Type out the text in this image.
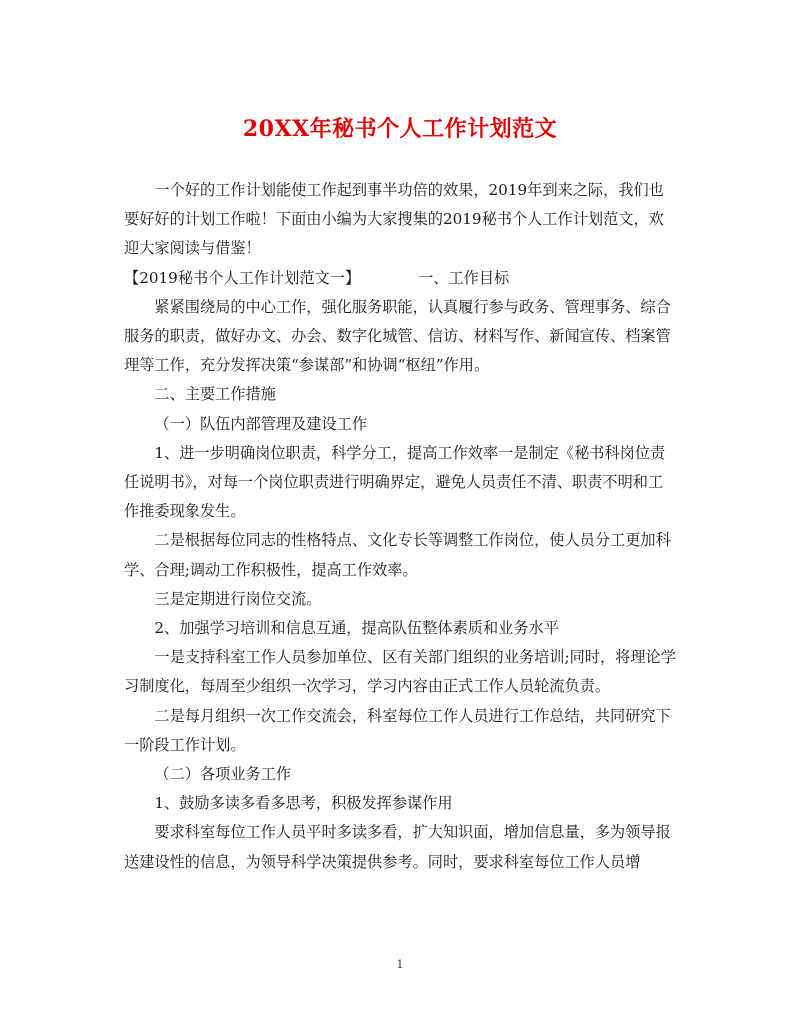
20XX年秘书个人工作计划范文

一个好的工作计划能使工作起到事半功倍的效果，2019年到来之际，我们也要好好的计划工作啦！下面由小编为大家搜集的2019秘书个人工作计划范文，欢迎大家阅读与借鉴！

【2019秘书个人工作计划范文一】	一、工作目标

紧紧围绕局的中心工作，强化服务职能，认真履行参与政务、管理事务、综合服务的职责，做好办文、办会、数字化城管、信访、材料写作、新闻宣传、档案管理等工作，充分发挥决策“参谋部”和协调“枢纽”作用。

二、主要工作措施

（一）队伍内部管理及建设工作

1、进一步明确岗位职责，科学分工，提高工作效率一是制定《秘书科岗位责任说明书》，对每一个岗位职责进行明确界定，避免人员责任不清、职责不明和工作推委现象发生。

二是根据每位同志的性格特点、文化专长等调整工作岗位，使人员分工更加科学、合理;调动工作积极性，提高工作效率。

三是定期进行岗位交流。

2、加强学习培训和信息互通，提高队伍整体素质和业务水平

一是支持科室工作人员参加单位、区有关部门组织的业务培训;同时，将理论学习制度化，每周至少组织一次学习，学习内容由正式工作人员轮流负责。

二是每月组织一次工作交流会，科室每位工作人员进行工作总结，共同研究下一阶段工作计划。

（二）各项业务工作

1、鼓励多读多看多思考，积极发挥参谋作用

要求科室每位工作人员平时多读多看，扩大知识面，增加信息量，多为领导报送建设性的信息，为领导科学决策提供参考。同时，要求科室每位工作人员增

1
